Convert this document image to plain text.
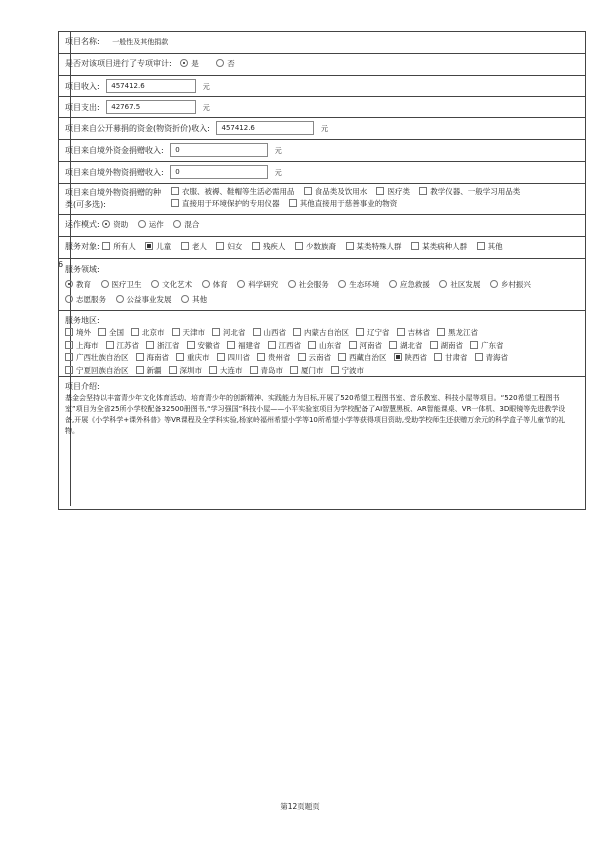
6
项目名称: 一般性及其他捐款
是否对该项目进行了专项审计:	是	否
项目收入: 457412.6	元
项目支出: 42767.5	元
项目来自公开募捐的资金(物资折价)收入: 457412.6	元
项目来自境外资金捐赠收入: 0	元
项目来自境外物资捐赠收入: 0	元
项目来自境外物资捐赠的种
类(可多选):
衣服、被褥、鞋帽等生活必需用品	食品类及饮用水	医疗类	教学仪器、一般学习用品类
直接用于环境保护的专用仪器	其他直接用于慈善事业的物资
运作模式: 资助	运作	混合
服务对象: 所有人	儿童	老人	妇女	残疾人	少数族裔	某类特殊人群	某类病种人群	其他
服务领域:
教育	医疗卫生	文化艺术	体育	科学研究	社会服务	生态环境	应急救援	社区发展	乡村振兴
志愿服务	公益事业发展	其他
服务地区:
境外 全国 北京市 天津市 河北省 山西省 内蒙古自治区 辽宁省 吉林省 黑龙江省
上海市 江苏省 浙江省 安徽省 福建省 江西省 山东省 河南省 湖北省 湖南省 广东省
广西壮族自治区 海南省 重庆市 四川省 贵州省 云南省 西藏自治区 陕西省 甘肃省 青海省
宁夏回族自治区 新疆 深圳市 大连市 青岛市 厦门市 宁波市
项目介绍:
基金会坚持以丰富青少年文化体育活动、培育青少年的创新精神、实践能力为目标,开展了520希望工程图书室、音乐教室、科技小屋等项目。“520希望工程图书室”项目为全省25所小学校配备32500册图书,“学习强国”科技小屋——小平实验室项目为学校配备了AI智慧黑板、AR智能课桌、VR一体机、3D眼镜等先进教学设备,开展《小学科学+课外科普》等VR课程及全学科实验,杨家岭福州希望小学等10所希望小学等获得项目资助,受助学校师生还获赠万余元的科学盒子等儿童节的礼物。
第12页题页
